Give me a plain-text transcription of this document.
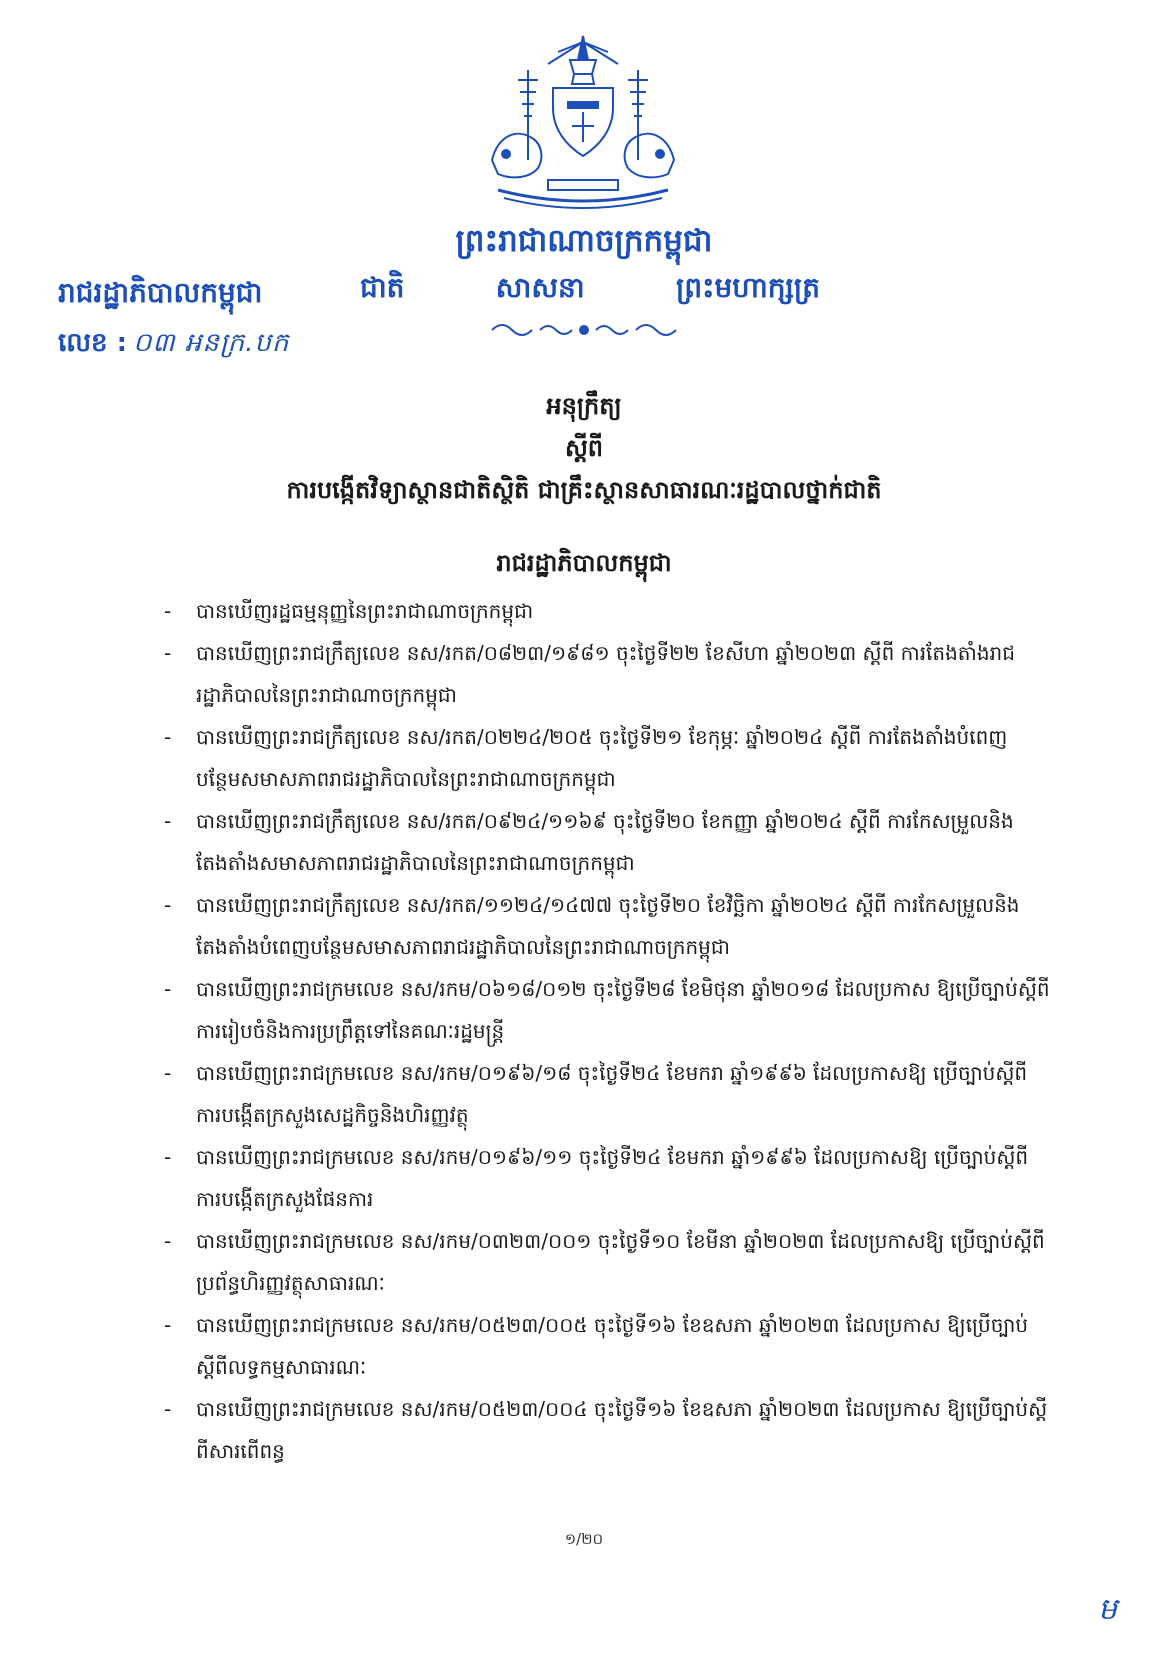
ព្រះរាជាណាចក្រកម្ពុជា
ជាតិ	សាសនា	ព្រះមហាក្សត្រ
រាជរដ្ឋាភិបាលកម្ពុជា
លេខ : ០៣ អនក្រ.បក
អនុក្រឹត្យ
ស្តីពី
ការបង្កើតវិទ្យាស្ថានជាតិស្ថិតិ ជាគ្រឹះស្ថានសាធារណៈរដ្ឋបាលថ្នាក់ជាតិ
រាជរដ្ឋាភិបាលកម្ពុជា
- បានឃើញរដ្ឋធម្មនុញ្ញនៃព្រះរាជាណាចក្រកម្ពុជា
- បានឃើញព្រះរាជក្រឹត្យលេខ នស/រកត/០៨២៣/១៩៨១ ចុះថ្ងៃទី២២ ខែសីហា ឆ្នាំ២០២៣ ស្តីពី ការតែងតាំងរាជរដ្ឋាភិបាលនៃព្រះរាជាណាចក្រកម្ពុជា
- បានឃើញព្រះរាជក្រឹត្យលេខ នស/រកត/០២២៤/២០៥ ចុះថ្ងៃទី២១ ខែកុម្ភៈ ឆ្នាំ២០២៤ ស្តីពី ការតែងតាំងបំពេញបន្ថែមសមាសភាពរាជរដ្ឋាភិបាលនៃព្រះរាជាណាចក្រកម្ពុជា
- បានឃើញព្រះរាជក្រឹត្យលេខ នស/រកត/០៩២៤/១១៦៩ ចុះថ្ងៃទី២០ ខែកញ្ញា ឆ្នាំ២០២៤ ស្តីពី ការកែសម្រួលនិងតែងតាំងសមាសភាពរាជរដ្ឋាភិបាលនៃព្រះរាជាណាចក្រកម្ពុជា
- បានឃើញព្រះរាជក្រឹត្យលេខ នស/រកត/១១២៤/១៤៧៧ ចុះថ្ងៃទី២០ ខែវិច្ឆិកា ឆ្នាំ២០២៤ ស្តីពី ការកែសម្រួលនិងតែងតាំងបំពេញបន្ថែមសមាសភាពរាជរដ្ឋាភិបាលនៃព្រះរាជាណាចក្រកម្ពុជា
- បានឃើញព្រះរាជក្រមលេខ នស/រកម/០៦១៨/០១២ ចុះថ្ងៃទី២៨ ខែមិថុនា ឆ្នាំ២០១៨ ដែលប្រកាស ឱ្យប្រើច្បាប់ស្តីពីការរៀបចំនិងការប្រព្រឹត្តទៅនៃគណៈរដ្ឋមន្ត្រី
- បានឃើញព្រះរាជក្រមលេខ នស/រកម/០១៩៦/១៨ ចុះថ្ងៃទី២៤ ខែមករា ឆ្នាំ១៩៩៦ ដែលប្រកាសឱ្យ ប្រើច្បាប់ស្តីពីការបង្កើតក្រសួងសេដ្ឋកិច្ចនិងហិរញ្ញវត្ថុ
- បានឃើញព្រះរាជក្រមលេខ នស/រកម/០១៩៦/១១ ចុះថ្ងៃទី២៤ ខែមករា ឆ្នាំ១៩៩៦ ដែលប្រកាសឱ្យ ប្រើច្បាប់ស្តីពីការបង្កើតក្រសួងផែនការ
- បានឃើញព្រះរាជក្រមលេខ នស/រកម/០៣២៣/០០១ ចុះថ្ងៃទី១០ ខែមីនា ឆ្នាំ២០២៣ ដែលប្រកាសឱ្យ ប្រើច្បាប់ស្តីពីប្រព័ន្ធហិរញ្ញវត្ថុសាធារណៈ
- បានឃើញព្រះរាជក្រមលេខ នស/រកម/០៥២៣/០០៥ ចុះថ្ងៃទី១៦ ខែឧសភា ឆ្នាំ២០២៣ ដែលប្រកាស ឱ្យប្រើច្បាប់ស្តីពីលទ្ធកម្មសាធារណៈ
- បានឃើញព្រះរាជក្រមលេខ នស/រកម/០៥២៣/០០៤ ចុះថ្ងៃទី១៦ ខែឧសភា ឆ្នាំ២០២៣ ដែលប្រកាស ឱ្យប្រើច្បាប់ស្តីពីសារពើពន្ធ
១/២០
ម
